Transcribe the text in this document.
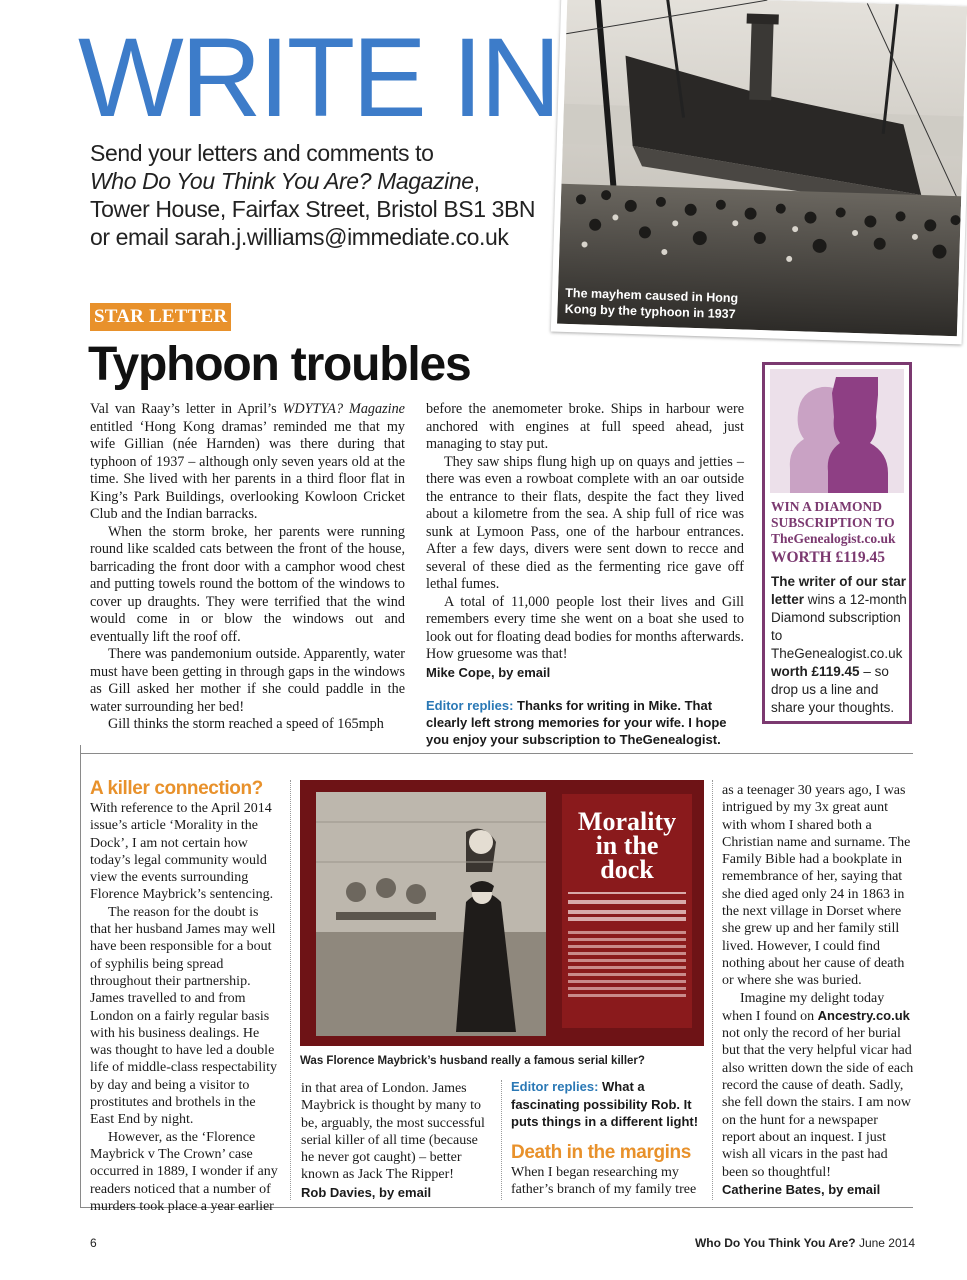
WRITE IN
Send your letters and comments to
Who Do You Think You Are? Magazine,
Tower House, Fairfax Street, Bristol BS1 3BN
or email sarah.j.williams@immediate.co.uk
The mayhem caused in Hong Kong by the typhoon in 1937
STAR LETTER
Typhoon troubles

Val van Raay’s letter in April’s WDYTYA? Magazine entitled ‘Hong Kong dramas’ reminded me that my wife Gillian (née Harnden) was there during that typhoon of 1937 – although only seven years old at the time. She lived with her parents in a third floor flat in King’s Park Buildings, overlooking Kowloon Cricket Club and the Indian barracks.

When the storm broke, her parents were running round like scalded cats between the front of the house, barricading the front door with a camphor wood chest and putting towels round the bottom of the windows to cover up draughts. They were terrified that the wind would come in or blow the windows out and eventually lift the roof off.

There was pandemonium outside. Apparently, water must have been getting in through gaps in the windows as Gill asked her mother if she could paddle in the water surrounding her bed!

Gill thinks the storm reached a speed of 165mph

before the anemometer broke. Ships in harbour were anchored with engines at full speed ahead, just managing to stay put.

They saw ships flung high up on quays and jetties – there was even a rowboat complete with an oar outside the entrance to their flats, despite the fact they lived about a kilometre from the sea. A ship full of rice was sunk at Lymoon Pass, one of the harbour entrances. After a few days, divers were sent down to recce and several of these died as the fermenting rice gave off lethal fumes.

A total of 11,000 people lost their lives and Gill remembers every time she went on a boat she used to look out for floating dead bodies for months afterwards. How gruesome was that!

Mike Cope, by email

Editor replies: Thanks for writing in Mike. That clearly left strong memories for your wife. I hope you enjoy your subscription to TheGenealogist.

WIN A DIAMOND
SUBSCRIPTION TO
TheGenealogist.co.uk
WORTH £119.45
The writer of our star letter wins a 12-month Diamond subscription to TheGenealogist.co.uk worth £119.45 – so drop us a line and share your thoughts.
A killer connection?

With reference to the April 2014 issue’s article ‘Morality in the Dock’, I am not certain how today’s legal community would view the events surrounding Florence Maybrick’s sentencing.

The reason for the doubt is that her husband James may well have been responsible for a bout of syphilis being spread throughout their partnership. James travelled to and from London on a fairly regular basis with his business dealings. He was thought to have led a double life of middle-class respectability by day and being a visitor to prostitutes and brothels in the East End by night.

However, as the ‘Florence Maybrick v The Crown’ case occurred in 1889, I wonder if any readers noticed that a number of murders took place a year earlier

in that area of London. James Maybrick is thought by many to be, arguably, the most successful serial killer of all time (because he never got caught) – better known as Jack The Ripper!

Rob Davies, by email

Morality
in the
dock
Was Florence Maybrick’s husband really a famous serial killer?
Editor replies: What a fascinating possibility Rob. It puts things in a different light!
Death in the margins

When I began researching my father’s branch of my family tree

as a teenager 30 years ago, I was intrigued by my 3x great aunt with whom I shared both a Christian name and surname. The Family Bible had a bookplate in remembrance of her, saying that she died aged only 24 in 1863 in the next village in Dorset where she grew up and her family still lived. However, I could find nothing about her cause of death or where she was buried.

Imagine my delight today when I found on Ancestry.co.uk not only the record of her burial but that the very helpful vicar had also written down the side of each record the cause of death. Sadly, she fell down the stairs. I am now on the hunt for a newspaper report about an inquest. I just wish all vicars in the past had been so thoughtful!

Catherine Bates, by email

6	Who Do You Think You Are? June 2014
